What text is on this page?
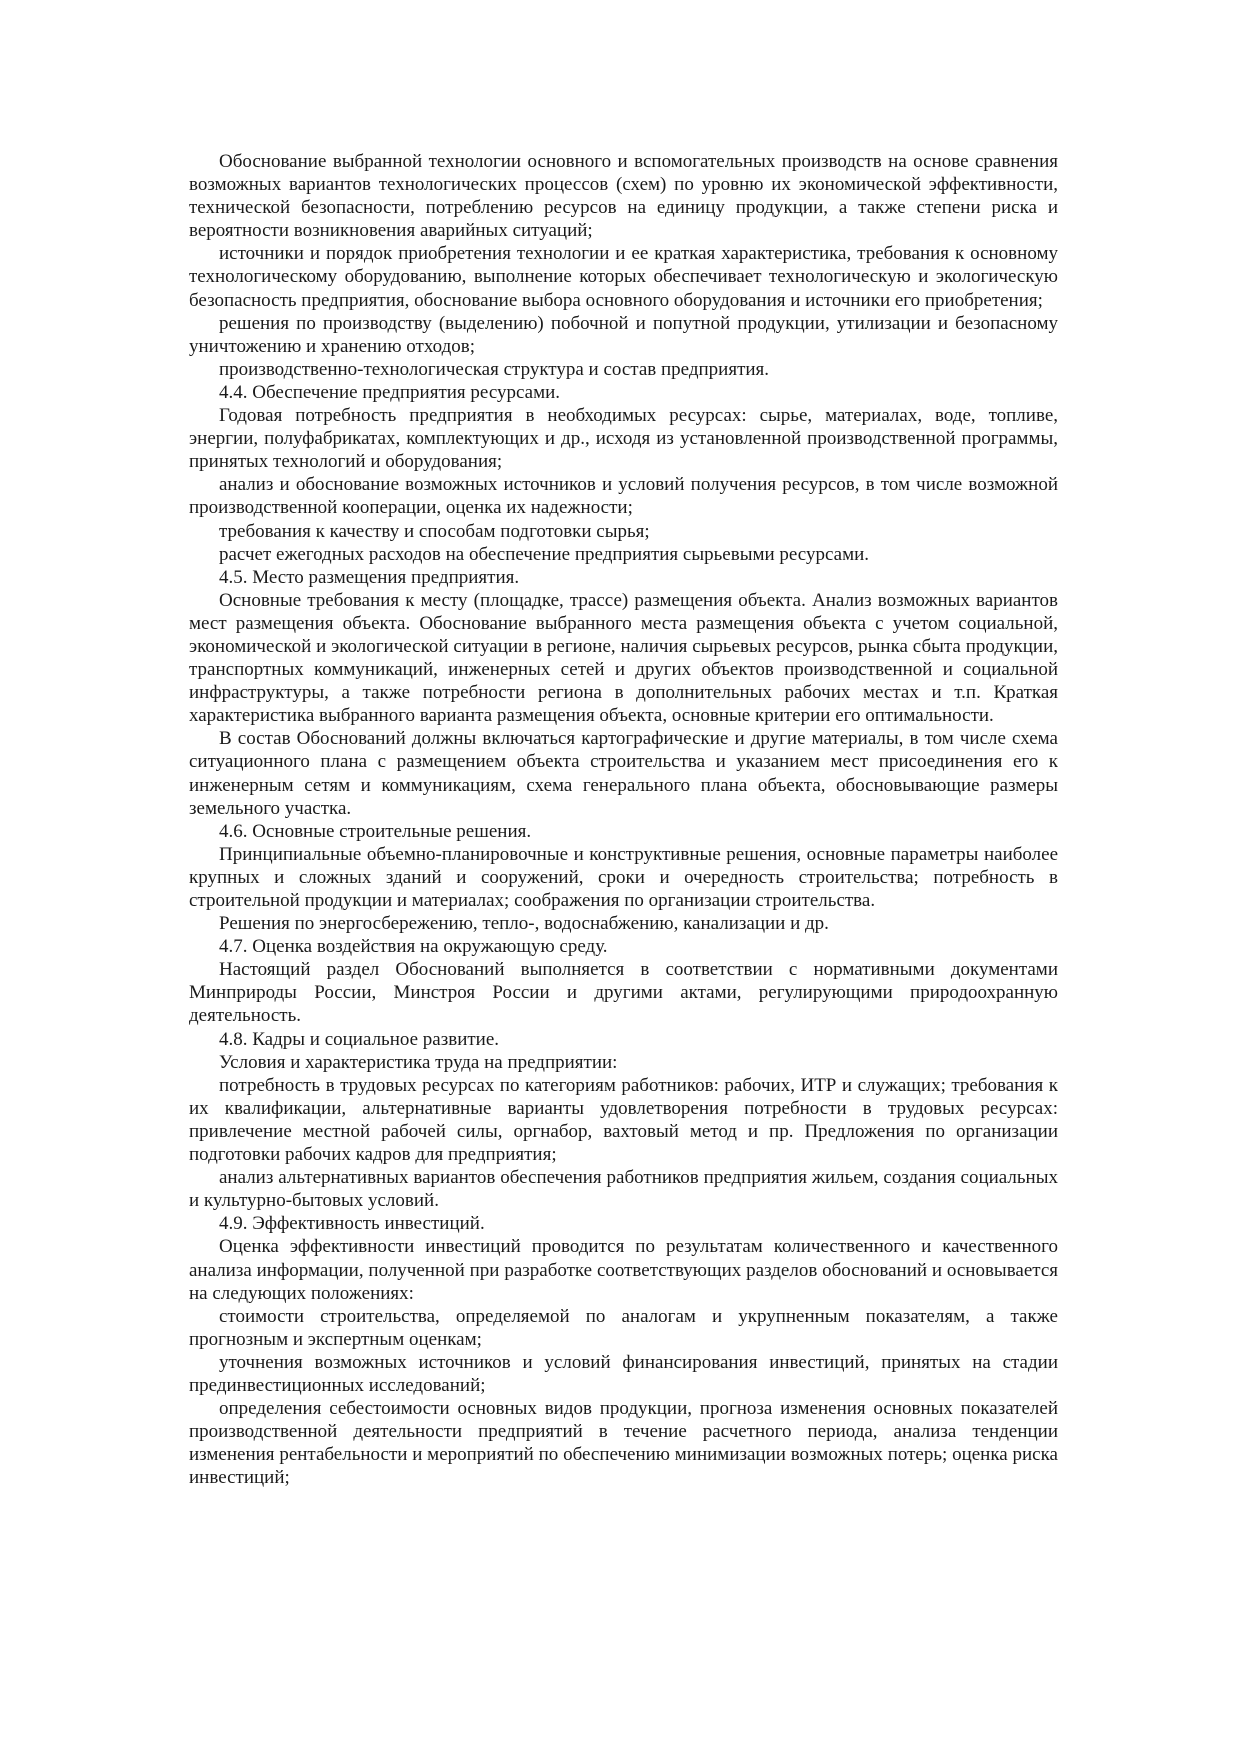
Обоснование выбранной технологии основного и вспомогательных производств на основе сравнения возможных вариантов технологических процессов (схем) по уровню их экономической эффективности, технической безопасности, потреблению ресурсов на единицу продукции, а также степени риска и вероятности возникновения аварийных ситуаций;

источники и порядок приобретения технологии и ее краткая характеристика, требования к основному технологическому оборудованию, выполнение которых обеспечивает технологическую и экологическую безопасность предприятия, обоснование выбора основного оборудования и источники его приобретения;

решения по производству (выделению) побочной и попутной продукции, утилизации и безопасному уничтожению и хранению отходов;

производственно-технологическая структура и состав предприятия.

4.4. Обеспечение предприятия ресурсами.

Годовая потребность предприятия в необходимых ресурсах: сырье, материалах, воде, топливе, энергии, полуфабрикатах, комплектующих и др., исходя из установленной производственной программы, принятых технологий и оборудования;

анализ и обоснование возможных источников и условий получения ресурсов, в том числе возможной производственной кооперации, оценка их надежности;

требования к качеству и способам подготовки сырья;

расчет ежегодных расходов на обеспечение предприятия сырьевыми ресурсами.

4.5. Место размещения предприятия.

Основные требования к месту (площадке, трассе) размещения объекта. Анализ возможных вариантов мест размещения объекта. Обоснование выбранного места размещения объекта с учетом социальной, экономической и экологической ситуации в регионе, наличия сырьевых ресурсов, рынка сбыта продукции, транспортных коммуникаций, инженерных сетей и других объектов производственной и социальной инфраструктуры, а также потребности региона в дополнительных рабочих местах и т.п. Краткая характеристика выбранного варианта размещения объекта, основные критерии его оптимальности.

В состав Обоснований должны включаться картографические и другие материалы, в том числе схема ситуационного плана с размещением объекта строительства и указанием мест присоединения его к инженерным сетям и коммуникациям, схема генерального плана объекта, обосновывающие размеры земельного участка.

4.6. Основные строительные решения.

Принципиальные объемно-планировочные и конструктивные решения, основные параметры наиболее крупных и сложных зданий и сооружений, сроки и очередность строительства; потребность в строительной продукции и материалах; соображения по организации строительства.

Решения по энергосбережению, тепло-, водоснабжению, канализации и др.

4.7. Оценка воздействия на окружающую среду.

Настоящий раздел Обоснований выполняется в соответствии с нормативными документами Минприроды России, Минстроя России и другими актами, регулирующими природоохранную деятельность.

4.8. Кадры и социальное развитие.

Условия и характеристика труда на предприятии:

потребность в трудовых ресурсах по категориям работников: рабочих, ИТР и служащих; требования к их квалификации, альтернативные варианты удовлетворения потребности в трудовых ресурсах: привлечение местной рабочей силы, оргнабор, вахтовый метод и пр. Предложения по организации подготовки рабочих кадров для предприятия;

анализ альтернативных вариантов обеспечения работников предприятия жильем, создания социальных и культурно-бытовых условий.

4.9. Эффективность инвестиций.

Оценка эффективности инвестиций проводится по результатам количественного и качественного анализа информации, полученной при разработке соответствующих разделов обоснований и основывается на следующих положениях:

стоимости строительства, определяемой по аналогам и укрупненным показателям, а также прогнозным и экспертным оценкам;

уточнения возможных источников и условий финансирования инвестиций, принятых на стадии прединвестиционных исследований;

определения себестоимости основных видов продукции, прогноза изменения основных показателей производственной деятельности предприятий в течение расчетного периода, анализа тенденции изменения рентабельности и мероприятий по обеспечению минимизации возможных потерь; оценка риска инвестиций;
